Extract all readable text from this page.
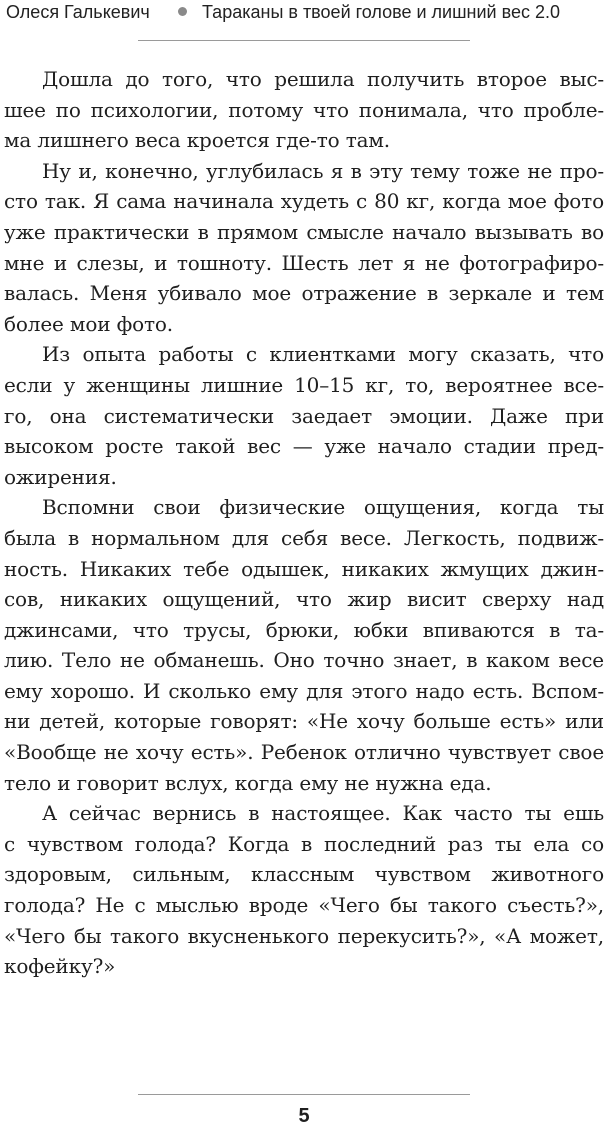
Олеся Галькевич	Тараканы в твоей голове и лишний вес 2.0

Дошла до того, что решила получить второе выс-
шее по психологии, потому что понимала, что пробле-
ма лишнего веса кроется где-то там.

Ну и, конечно, углубилась я в эту тему тоже не про-
сто так. Я сама начинала худеть с 80 кг, когда мое фото
уже практически в прямом смысле начало вызывать во
мне и слезы, и тошноту. Шесть лет я не фотографиро-
валась. Меня убивало мое отражение в зеркале и тем
более мои фото.

Из опыта работы с клиентками могу сказать, что
если у женщины лишние 10–15 кг, то, вероятнее все-
го, она систематически заедает эмоции. Даже при
высоком росте такой вес — уже начало стадии пред-
ожирения.

Вспомни свои физические ощущения, когда ты
была в нормальном для себя весе. Легкость, подвиж-
ность. Никаких тебе одышек, никаких жмущих джин-
сов, никаких ощущений, что жир висит сверху над
джинсами, что трусы, брюки, юбки впиваются в та-
лию. Тело не обманешь. Оно точно знает, в каком весе
ему хорошо. И сколько ему для этого надо есть. Вспом-
ни детей, которые говорят: «Не хочу больше есть» или
«Вообще не хочу есть». Ребенок отлично чувствует свое
тело и говорит вслух, когда ему не нужна еда.

А сейчас вернись в настоящее. Как часто ты ешь
с чувством голода? Когда в последний раз ты ела со
здоровым, сильным, классным чувством животного
голода? Не с мыслью вроде «Чего бы такого съесть?»,
«Чего бы такого вкусненького перекусить?», «А может,
кофейку?»

5
